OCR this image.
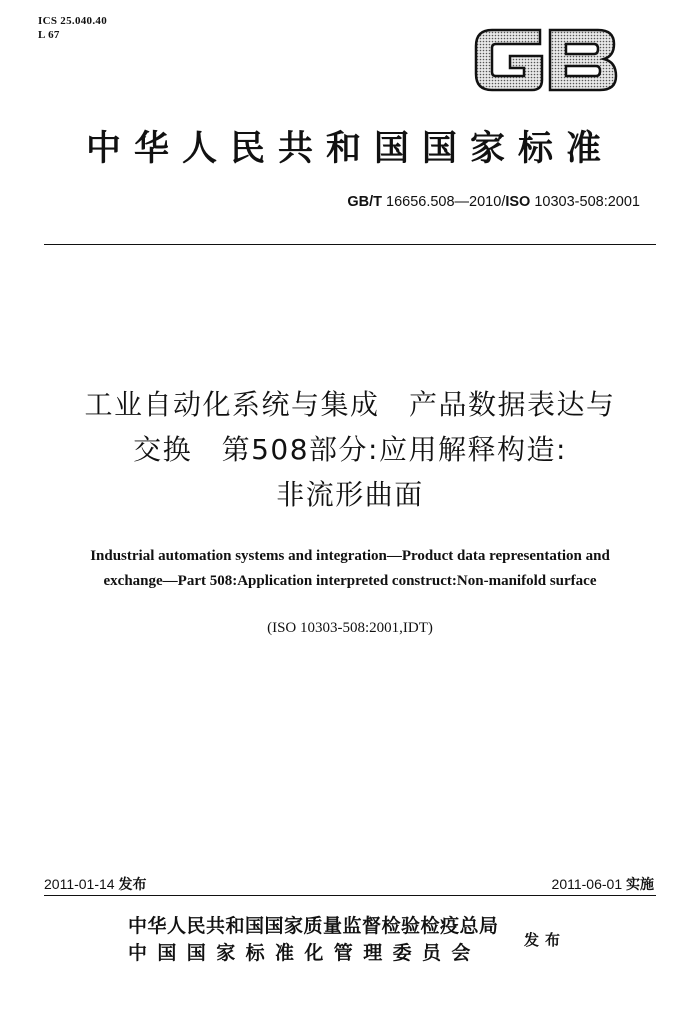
ICS 25.040.40
L 67
中华人民共和国国家标准
GB/T 16656.508—2010/ISO 10303-508:2001
工业自动化系统与集成　产品数据表达与
交换　第508部分:应用解释构造:
非流形曲面
Industrial automation systems and integration—Product data representation and
exchange—Part 508:Application interpreted construct:Non-manifold surface
(ISO 10303-508:2001,IDT)
2011-01-14 发布	2011-06-01 实施
中华人民共和国国家质量监督检验检疫总局
中国国家标准化管理委员会
发布
